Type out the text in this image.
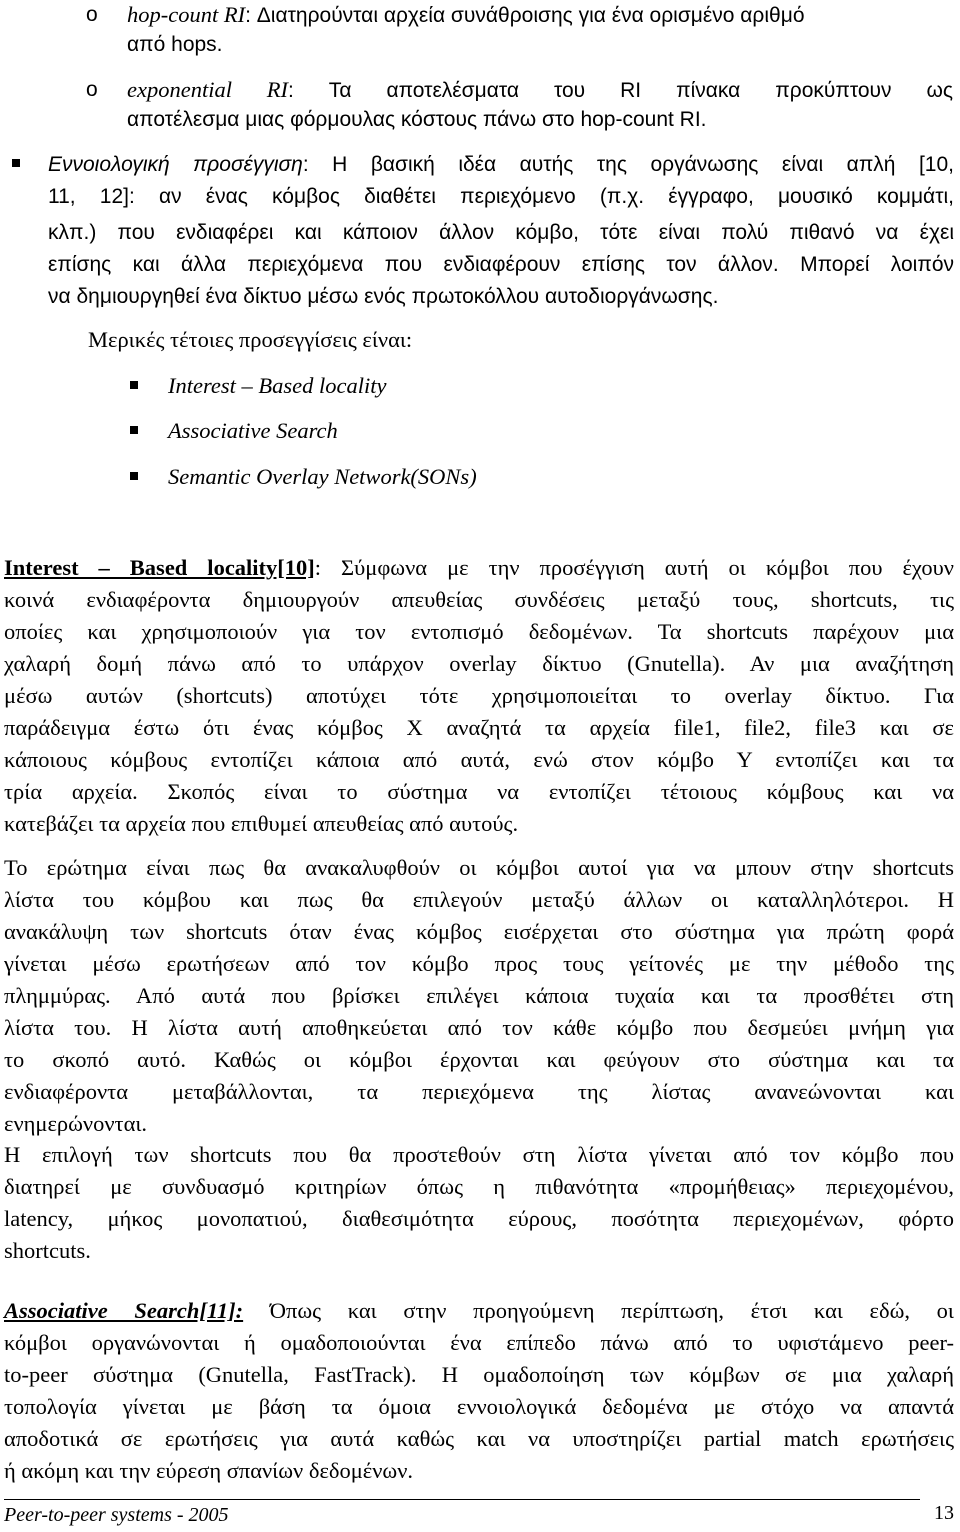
o hop-count RI: Διατηρούνται αρχεία συνάθροισης για ένα ορισμένο αριθμό
από hops.
o exponential RI: Τα αποτελέσματα του RI πίνακα προκύπτουν ως
αποτέλεσμα μιας φόρμουλας κόστους πάνω στο hop-count RI.
Εννοιολογική προσέγγιση: Η βασική ιδέα αυτής της οργάνωσης είναι απλή [10,
11, 12]: αν ένας κόμβος διαθέτει περιεχόμενο (π.χ. έγγραφο, μουσικό κομμάτι,
κλπ.) που ενδιαφέρει και κάποιον άλλον κόμβο, τότε είναι πολύ πιθανό να έχει
επίσης και άλλα περιεχόμενα που ενδιαφέρουν επίσης τον άλλον. Μπορεί λοιπόν
να δημιουργηθεί ένα δίκτυο μέσω ενός πρωτοκόλλου αυτοδιοργάνωσης.
Μερικές τέτοιες προσεγγίσεις είναι:
Interest – Based locality
Associative Search
Semantic Overlay Network(SONs)
Interest – Based locality[10]: Σύμφωνα με την προσέγγιση αυτή οι κόμβοι που έχουν
κοινά ενδιαφέροντα δημιουργούν απευθείας συνδέσεις μεταξύ τους, shortcuts, τις
οποίες και χρησιμοποιούν για τον εντοπισμό δεδομένων. Τα shortcuts παρέχουν μια
χαλαρή δομή πάνω από το υπάρχον overlay δίκτυο (Gnutella). Αν μια αναζήτηση
μέσω αυτών (shortcuts) αποτύχει τότε χρησιμοποιείται το overlay δίκτυο. Για
παράδειγμα έστω ότι ένας κόμβος Χ αναζητά τα αρχεία file1, file2, file3 και σε
κάποιους κόμβους εντοπίζει κάποια από αυτά, ενώ στον κόμβο Υ εντοπίζει και τα
τρία αρχεία. Σκοπός είναι το σύστημα να εντοπίζει τέτοιους κόμβους και να
κατεβάζει τα αρχεία που επιθυμεί απευθείας από αυτούς.
Το ερώτημα είναι πως θα ανακαλυφθούν οι κόμβοι αυτοί για να μπουν στην shortcuts
λίστα του κόμβου και πως θα επιλεγούν μεταξύ άλλων οι καταλληλότεροι. Η
ανακάλυψη των shortcuts όταν ένας κόμβος εισέρχεται στο σύστημα για πρώτη φορά
γίνεται μέσω ερωτήσεων από τον κόμβο προς τους γείτονές με την μέθοδο της
πλημμύρας. Από αυτά που βρίσκει επιλέγει κάποια τυχαία και τα προσθέτει στη
λίστα του. Η λίστα αυτή αποθηκεύεται από τον κάθε κόμβο που δεσμεύει μνήμη για
το σκοπό αυτό. Καθώς οι κόμβοι έρχονται και φεύγουν στο σύστημα και τα
ενδιαφέροντα μεταβάλλονται, τα περιεχόμενα της λίστας ανανεώνονται και
ενημερώνονται.
Η επιλογή των shortcuts που θα προστεθούν στη λίστα γίνεται από τον κόμβο που
διατηρεί με συνδυασμό κριτηρίων όπως η πιθανότητα «προμήθειας» περιεχομένου,
latency, μήκος μονοπατιού, διαθεσιμότητα εύρους, ποσότητα περιεχομένων, φόρτο
shortcuts.
Associative Search[11]: Όπως και στην προηγούμενη περίπτωση, έτσι και εδώ, οι
κόμβοι οργανώνονται ή ομαδοποιούνται ένα επίπεδο πάνω από το υφιστάμενο peer-
to-peer σύστημα (Gnutella, FastTrack). Η ομαδοποίηση των κόμβων σε μια χαλαρή
τοπολογία γίνεται με βάση τα όμοια εννοιολογικά δεδομένα με στόχο να απαντά
αποδοτικά σε ερωτήσεις για αυτά καθώς και να υποστηρίζει partial match ερωτήσεις
ή ακόμη και την εύρεση σπανίων δεδομένων.
Peer-to-peer systems - 2005	13
